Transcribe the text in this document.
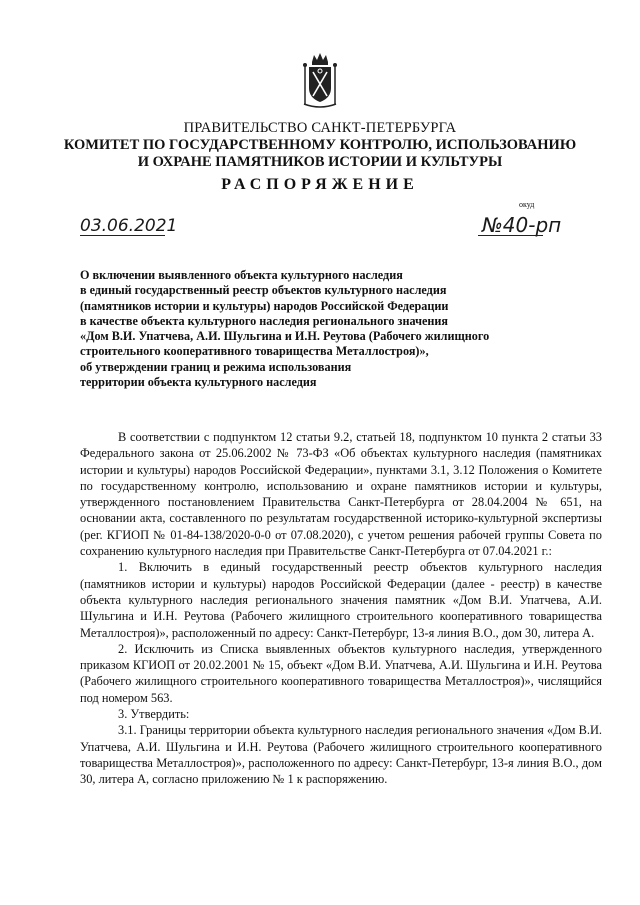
ПРАВИТЕЛЬСТВО САНКТ-ПЕТЕРБУРГА
КОМИТЕТ ПО ГОСУДАРСТВЕННОМУ КОНТРОЛЮ, ИСПОЛЬЗОВАНИЮ
И ОХРАНЕ ПАМЯТНИКОВ ИСТОРИИ И КУЛЬТУРЫ
РАСПОРЯЖЕНИЕ
окуд
03.06.2021	№40-рп
О включении выявленного объекта культурного наследия
в единый государственный реестр объектов культурного наследия
(памятников истории и культуры) народов Российской Федерации
в качестве объекта культурного наследия регионального значения
«Дом В.И. Упатчева, А.И. Шульгина и И.Н. Реутова (Рабочего жилищного
строительного кооперативного товарищества Металлостроя)»,
об утверждении границ и режима использования
территории объекта культурного наследия

В соответствии с подпунктом 12 статьи 9.2, статьей 18, подпунктом 10 пункта 2 статьи 33 Федерального закона от 25.06.2002 № 73-ФЗ «Об объектах культурного наследия (памятниках истории и культуры) народов Российской Федерации», пунктами 3.1, 3.12 Положения о Комитете по государственному контролю, использованию и охране памятников истории и культуры, утвержденного постановлением Правительства Санкт-Петербурга от 28.04.2004 № 651, на основании акта, составленного по результатам государственной историко-культурной экспертизы (рег. КГИОП № 01-84-138/2020-0-0 от 07.08.2020), с учетом решения рабочей группы Совета по сохранению культурного наследия при Правительстве Санкт-Петербурга от 07.04.2021 г.:

1. Включить в единый государственный реестр объектов культурного наследия (памятников истории и культуры) народов Российской Федерации (далее - реестр) в качестве объекта культурного наследия регионального значения памятник «Дом В.И. Упатчева, А.И. Шульгина и И.Н. Реутова (Рабочего жилищного строительного кооперативного товарищества Металлостроя)», расположенный по адресу: Санкт-Петербург, 13-я линия В.О., дом 30, литера А.

2. Исключить из Списка выявленных объектов культурного наследия, утвержденного приказом КГИОП от 20.02.2001 № 15, объект «Дом В.И. Упатчева, А.И. Шульгина и И.Н. Реутова (Рабочего жилищного строительного кооперативного товарищества Металлостроя)», числящийся под номером 563.

3. Утвердить:

3.1. Границы территории объекта культурного наследия регионального значения «Дом В.И. Упатчева, А.И. Шульгина и И.Н. Реутова (Рабочего жилищного строительного кооперативного товарищества Металлостроя)», расположенного по адресу: Санкт-Петербург, 13-я линия В.О., дом 30, литера А, согласно приложению № 1 к распоряжению.
